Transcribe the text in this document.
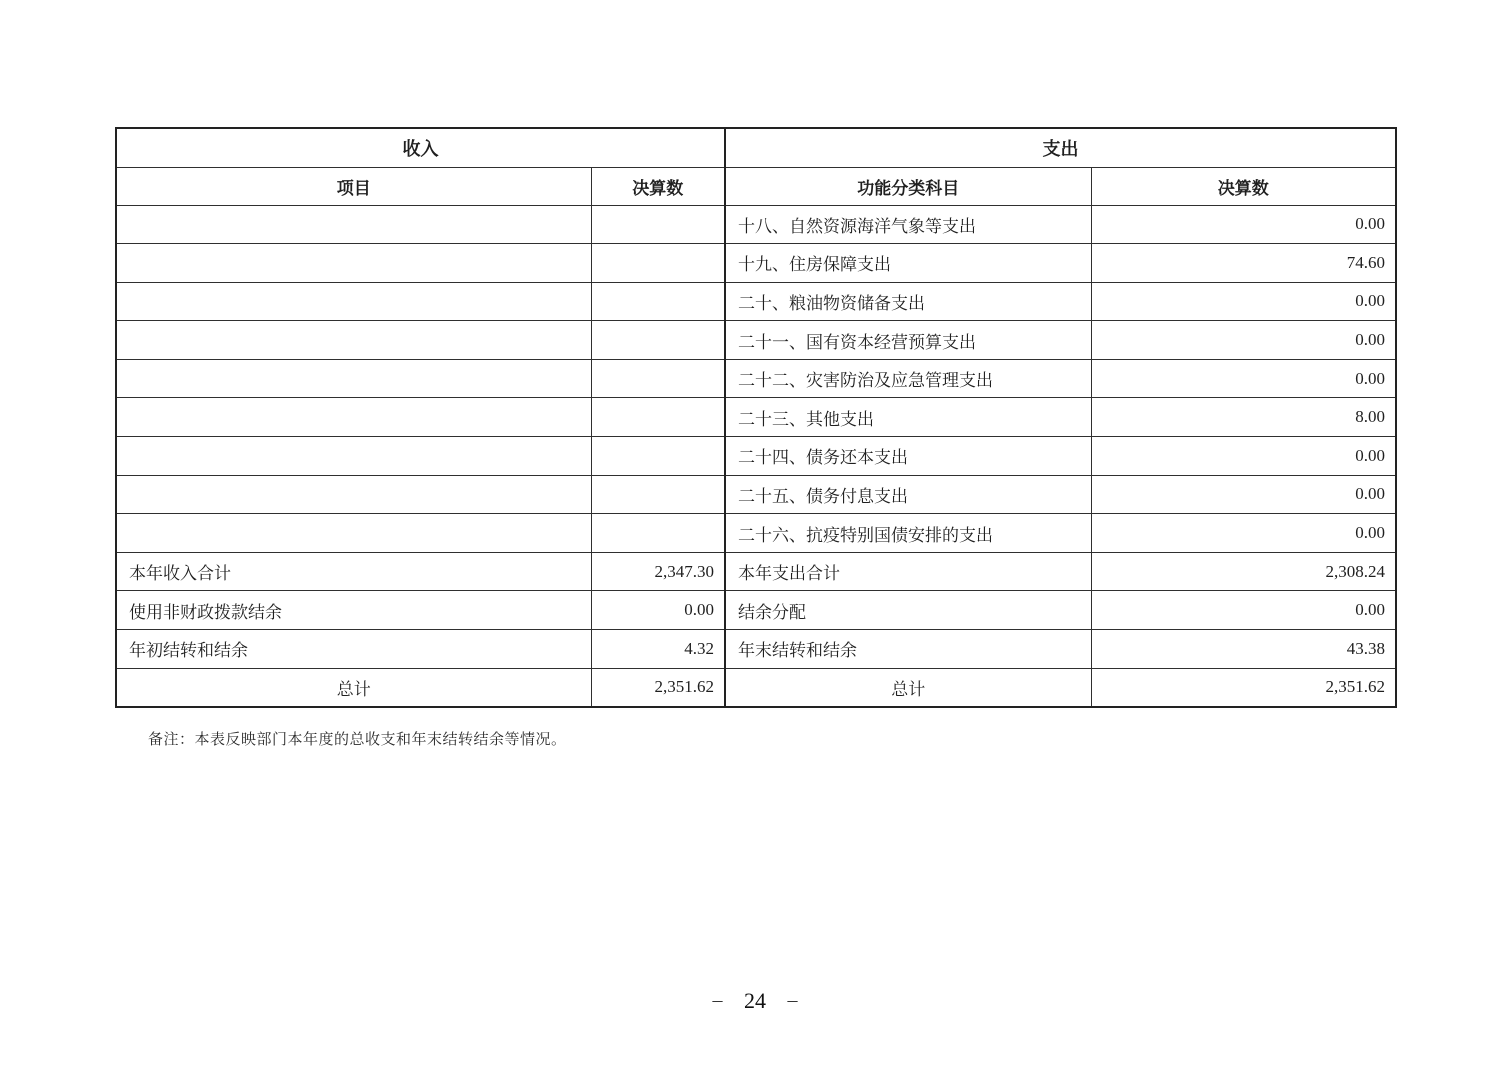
收入		支出	
项目	决算数	功能分类科目	决算数
		十八、自然资源海洋气象等支出	0.00
		十九、住房保障支出	74.60
		二十、粮油物资储备支出	0.00
		二十一、国有资本经营预算支出	0.00
		二十二、灾害防治及应急管理支出	0.00
		二十三、其他支出	8.00
		二十四、债务还本支出	0.00
		二十五、债务付息支出	0.00
		二十六、抗疫特别国债安排的支出	0.00
本年收入合计	2,347.30	本年支出合计	2,308.24
使用非财政拨款结余	0.00	结余分配	0.00
年初结转和结余	4.32	年末结转和结余	43.38
总计	2,351.62	总计	2,351.62
备注：本表反映部门本年度的总收支和年末结转结余等情况。
– 24 –
